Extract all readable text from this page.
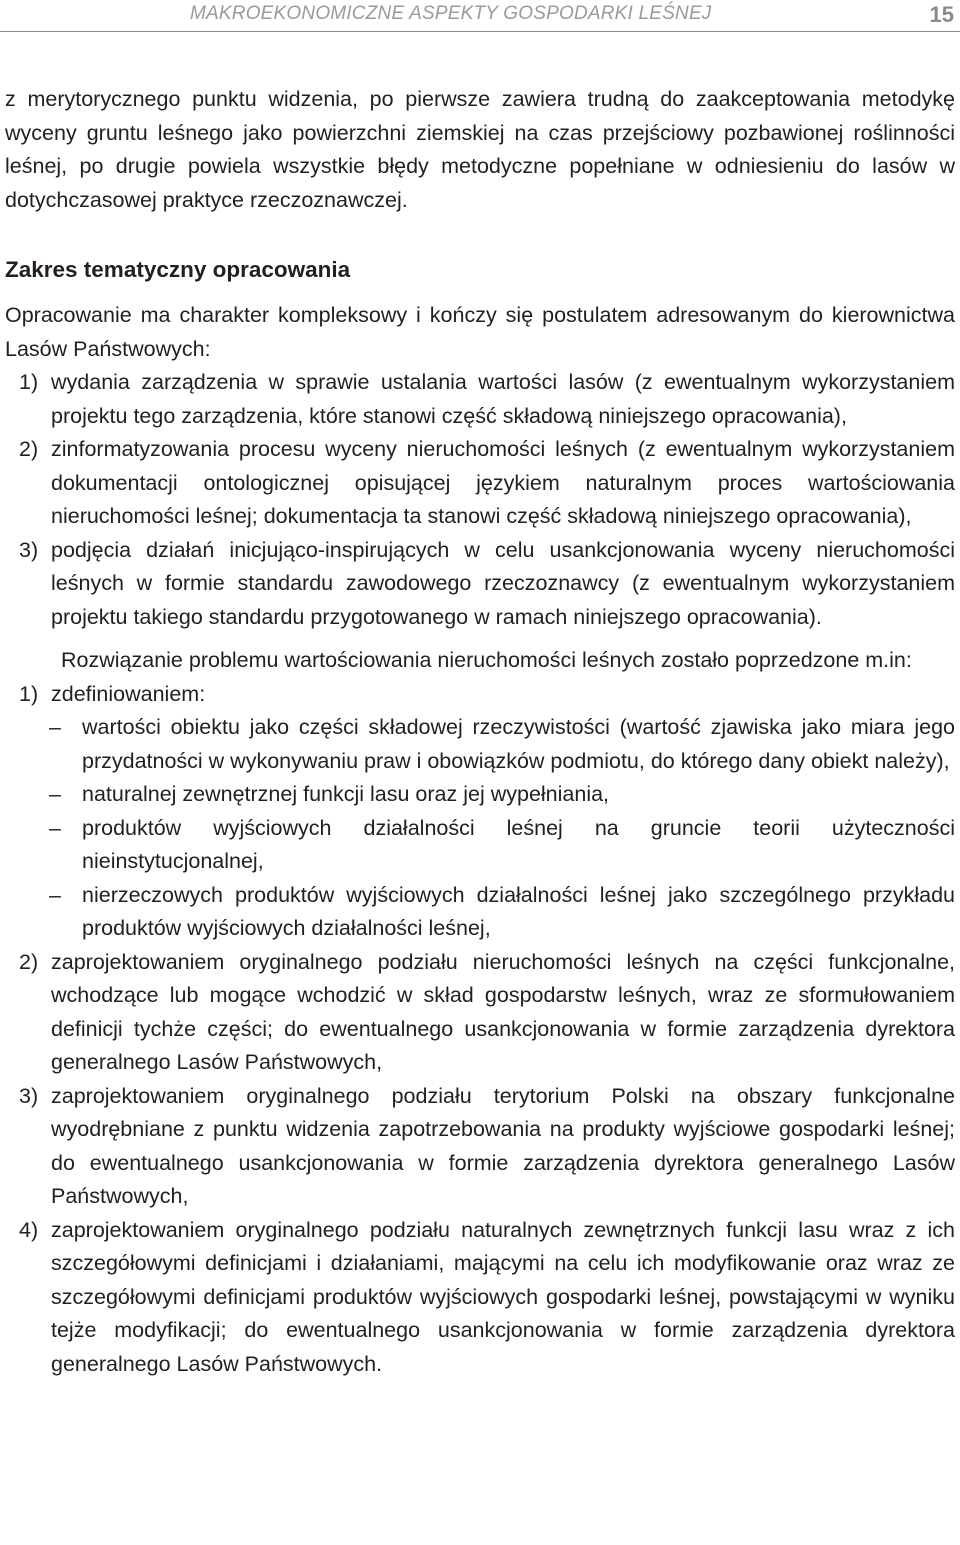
MAKROEKONOMICZNE ASPEKTY GOSPODARKI LEŚNEJ	15

z merytorycznego punktu widzenia, po pierwsze zawiera trudną do zaakceptowania metodykę wyceny gruntu leśnego jako powierzchni ziemskiej na czas przejściowy pozbawionej roślinności leśnej, po drugie powiela wszystkie błędy metodyczne popełniane w odniesieniu do lasów w dotychczasowej praktyce rzeczoznawczej.

Zakres tematyczny opracowania

Opracowanie ma charakter kompleksowy i kończy się postulatem adresowanym do kierownictwa Lasów Państwowych:

1) wydania zarządzenia w sprawie ustalania wartości lasów (z ewentualnym wykorzystaniem projektu tego zarządzenia, które stanowi część składową niniejszego opracowania),

2) zinformatyzowania procesu wyceny nieruchomości leśnych (z ewentualnym wykorzystaniem dokumentacji ontologicznej opisującej językiem naturalnym proces wartościowania nieruchomości leśnej; dokumentacja ta stanowi część składową niniejszego opracowania),

3) podjęcia działań inicjująco-inspirujących w celu usankcjonowania wyceny nieruchomości leśnych w formie standardu zawodowego rzeczoznawcy (z ewentualnym wykorzystaniem projektu takiego standardu przygotowanego w ramach niniejszego opracowania).

Rozwiązanie problemu wartościowania nieruchomości leśnych zostało poprzedzone m.in:

1) zdefiniowaniem:

– wartości obiektu jako części składowej rzeczywistości (wartość zjawiska jako miara jego przydatności w wykonywaniu praw i obowiązków podmiotu, do którego dany obiekt należy),

– naturalnej zewnętrznej funkcji lasu oraz jej wypełniania,

– produktów wyjściowych działalności leśnej na gruncie teorii użyteczności nieinstytucjonalnej,

– nierzeczowych produktów wyjściowych działalności leśnej jako szczególnego przykładu produktów wyjściowych działalności leśnej,

2) zaprojektowaniem oryginalnego podziału nieruchomości leśnych na części funkcjonalne, wchodzące lub mogące wchodzić w skład gospodarstw leśnych, wraz ze sformułowaniem definicji tychże części; do ewentualnego usankcjonowania w formie zarządzenia dyrektora generalnego Lasów Państwowych,

3) zaprojektowaniem oryginalnego podziału terytorium Polski na obszary funkcjonalne wyodrębniane z punktu widzenia zapotrzebowania na produkty wyjściowe gospodarki leśnej; do ewentualnego usankcjonowania w formie zarządzenia dyrektora generalnego Lasów Państwowych,

4) zaprojektowaniem oryginalnego podziału naturalnych zewnętrznych funkcji lasu wraz z ich szczegółowymi definicjami i działaniami, mającymi na celu ich modyfikowanie oraz wraz ze szczegółowymi definicjami produktów wyjściowych gospodarki leśnej, powstającymi w wyniku tejże modyfikacji; do ewentualnego usankcjonowania w formie zarządzenia dyrektora generalnego Lasów Państwowych.
